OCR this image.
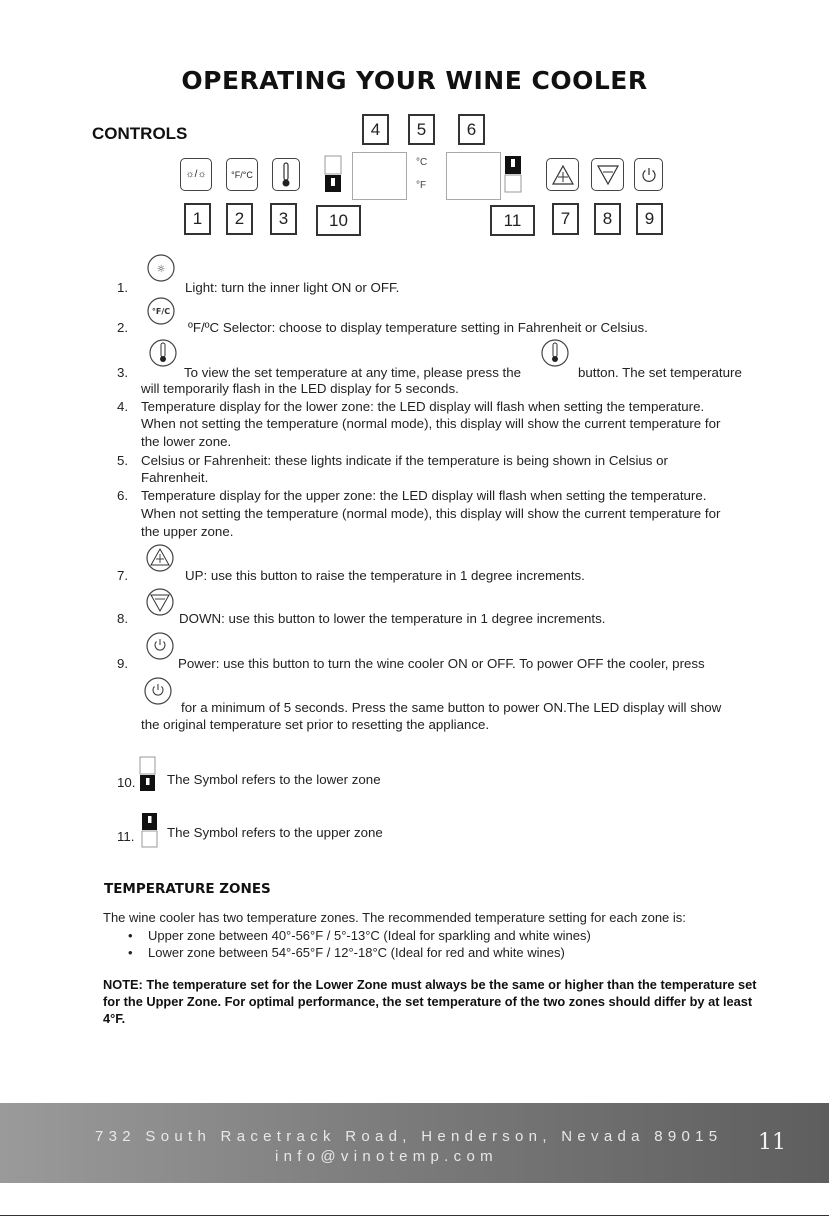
OPERATING YOUR WINE COOLER
CONTROLS	4	5	6
☼/☼	°F/°C
°C
°F
1	2	3	10	11	7	8	9
☼
1.	Light: turn the inner light ON or OFF.
°F/C
2.	ºF/ºC Selector: choose to display temperature setting in Fahrenheit or Celsius.
3.	To view the set temperature at any time, please press the	button. The set temperature
will temporarily flash in the LED display for 5 seconds.
4. Temperature display for the lower zone: the LED display will flash when setting the temperature.
When not setting the temperature (normal mode), this display will show the current temperature for
the lower zone.
5. Celsius or Fahrenheit: these lights indicate if the temperature is being shown in Celsius or
Fahrenheit.
6. Temperature display for the upper zone: the LED display will flash when setting the temperature.
When not setting the temperature (normal mode), this display will show the current temperature for
the upper zone.
7.	UP: use this button to raise the temperature in 1 degree increments.
8.	DOWN: use this button to lower the temperature in 1 degree increments.
9.	Power: use this button to turn the wine cooler ON or OFF. To power OFF the cooler, press
for a minimum of 5 seconds. Press the same button to power ON.The LED display will show
the original temperature set prior to resetting the appliance.
10. The Symbol refers to the lower zone
11. The Symbol refers to the upper zone
TEMPERATURE ZONES
The wine cooler has two temperature zones. The recommended temperature setting for each zone is:
• Upper zone between 40°-56°F / 5°-13°C (Ideal for sparkling and white wines)
• Lower zone between 54°-65°F / 12°-18°C (Ideal for red and white wines)
NOTE: The temperature set for the Lower Zone must always be the same or higher than the temperature set for the Upper Zone. For optimal performance, the set temperature of the two zones should differ by at least 4°F.
732 South Racetrack Road, Henderson, Nevada 89015
info@vinotemp.com
11
